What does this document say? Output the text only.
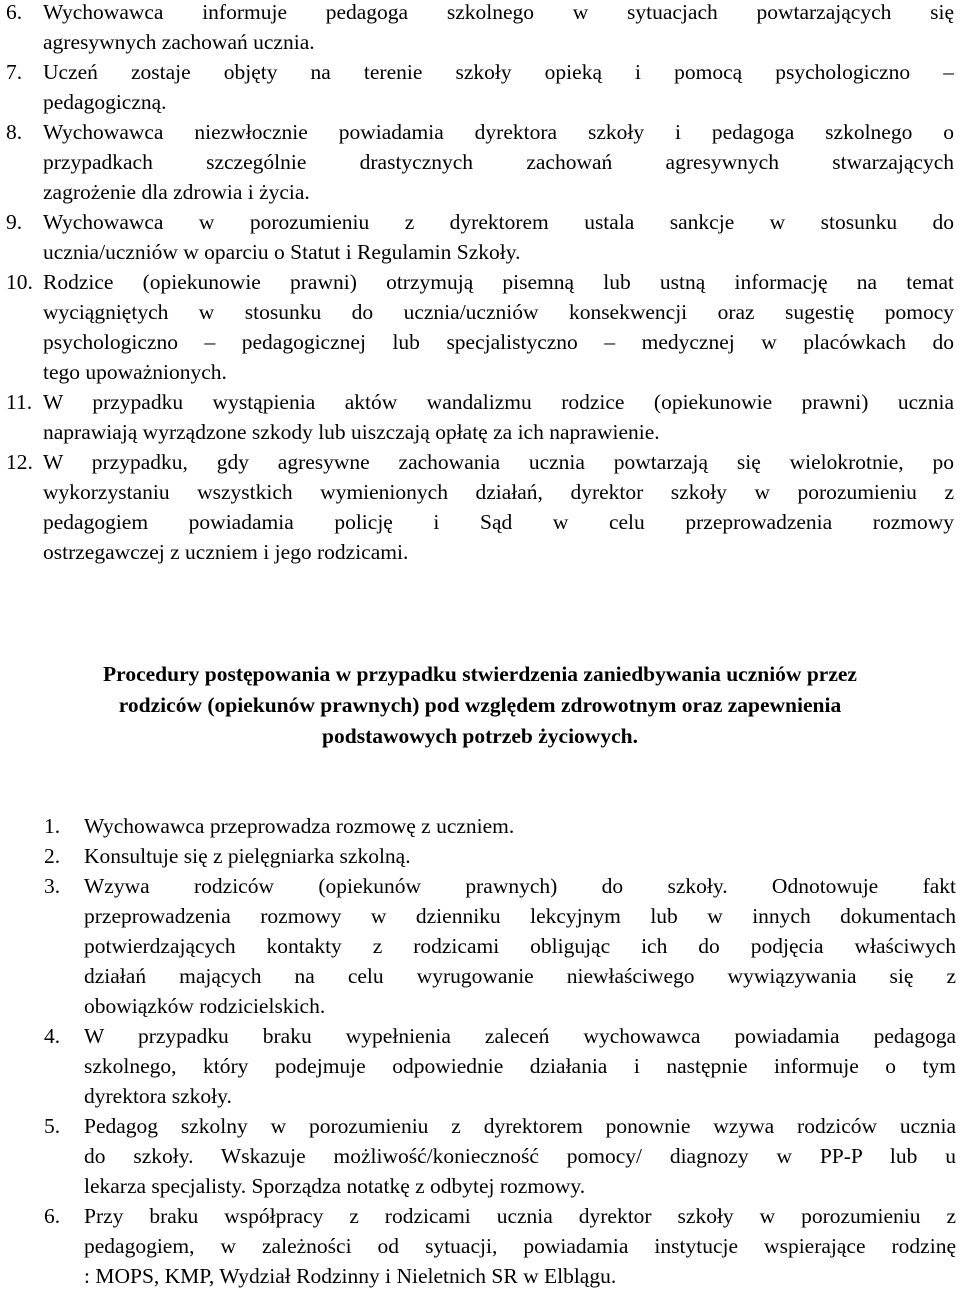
6. Wychowawca informuje pedagoga szkolnego w sytuacjach powtarzających się
agresywnych zachowań ucznia.
7. Uczeń zostaje objęty na terenie szkoły opieką i pomocą psychologiczno –
pedagogiczną.
8. Wychowawca niezwłocznie powiadamia dyrektora szkoły i pedagoga szkolnego o
przypadkach szczególnie drastycznych zachowań agresywnych stwarzających
zagrożenie dla zdrowia i życia.
9. Wychowawca w porozumieniu z dyrektorem ustala sankcje w stosunku do
ucznia/uczniów w oparciu o Statut i Regulamin Szkoły.
10. Rodzice (opiekunowie prawni) otrzymują pisemną lub ustną informację na temat
wyciągniętych w stosunku do ucznia/uczniów konsekwencji oraz sugestię pomocy
psychologiczno – pedagogicznej lub specjalistyczno – medycznej w placówkach do
tego upoważnionych.
11. W przypadku wystąpienia aktów wandalizmu rodzice (opiekunowie prawni) ucznia
naprawiają wyrządzone szkody lub uiszczają opłatę za ich naprawienie.
12. W przypadku, gdy agresywne zachowania ucznia powtarzają się wielokrotnie, po
wykorzystaniu wszystkich wymienionych działań, dyrektor szkoły w porozumieniu z
pedagogiem powiadamia policję i Sąd w celu przeprowadzenia rozmowy
ostrzegawczej z uczniem i jego rodzicami.
Procedury postępowania w przypadku stwierdzenia zaniedbywania uczniów przez
rodziców (opiekunów prawnych) pod względem zdrowotnym oraz zapewnienia
podstawowych potrzeb życiowych.
1. Wychowawca przeprowadza rozmowę z uczniem.
2. Konsultuje się z pielęgniarka szkolną.
3. Wzywa rodziców (opiekunów prawnych) do szkoły. Odnotowuje fakt
przeprowadzenia rozmowy w dzienniku lekcyjnym lub w innych dokumentach
potwierdzających kontakty z rodzicami obligując ich do podjęcia właściwych
działań mających na celu wyrugowanie niewłaściwego wywiązywania się z
obowiązków rodzicielskich.
4. W przypadku braku wypełnienia zaleceń wychowawca powiadamia pedagoga
szkolnego, który podejmuje odpowiednie działania i następnie informuje o tym
dyrektora szkoły.
5. Pedagog szkolny w porozumieniu z dyrektorem ponownie wzywa rodziców ucznia
do szkoły. Wskazuje możliwość/konieczność pomocy/ diagnozy w PP-P lub u
lekarza specjalisty. Sporządza notatkę z odbytej rozmowy.
6. Przy braku współpracy z rodzicami ucznia dyrektor szkoły w porozumieniu z
pedagogiem, w zależności od sytuacji, powiadamia instytucje wspierające rodzinę
: MOPS, KMP, Wydział Rodzinny i Nieletnich SR w Elblągu.
